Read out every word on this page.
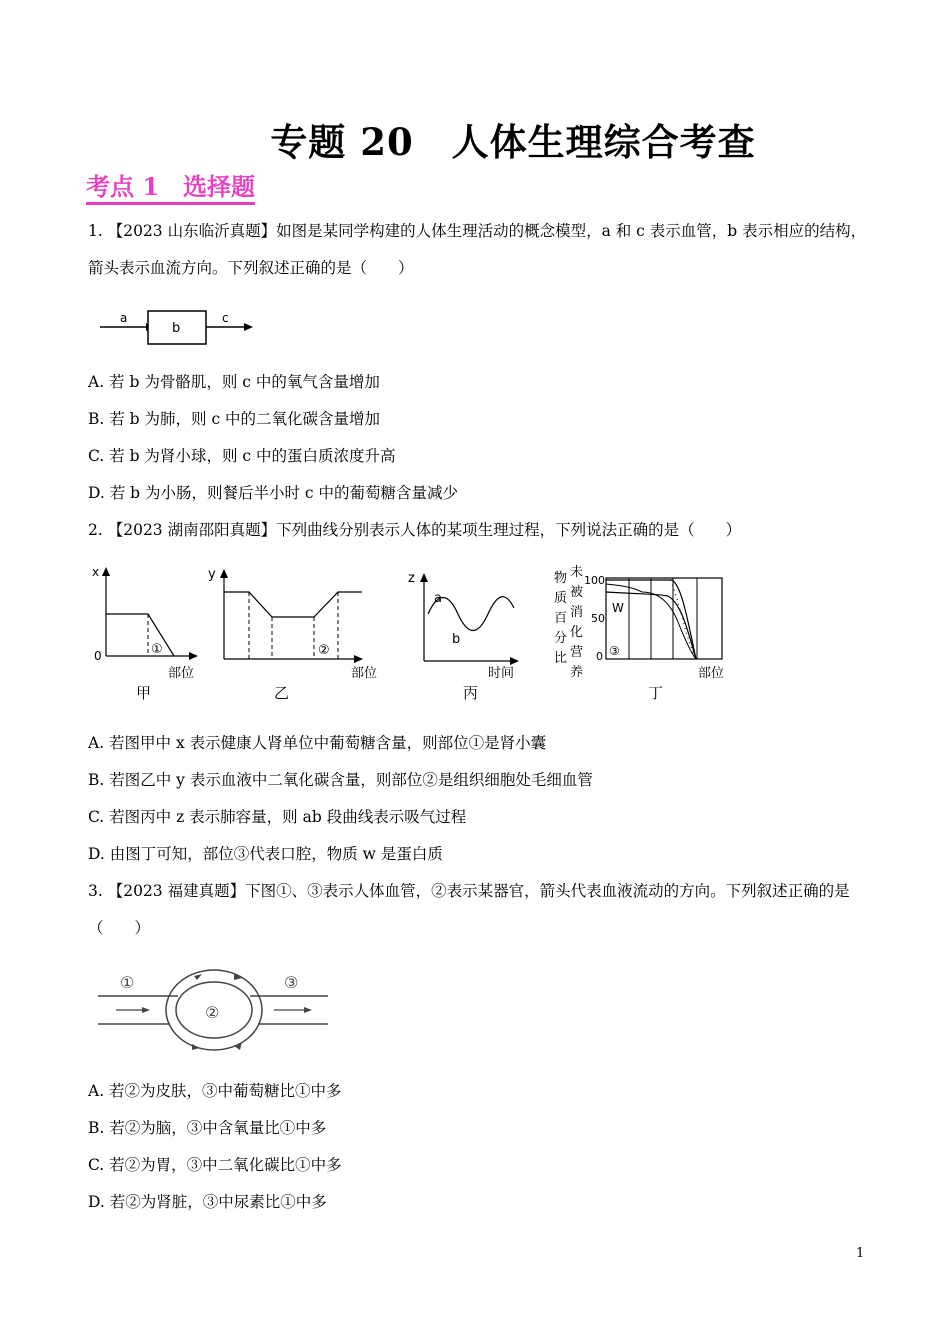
专题 20　人体生理综合考查
考点 1　选择题
1. 【2023 山东临沂真题】如图是某同学构建的人体生理活动的概念模型，a 和 c 表示血管，b 表示相应的结构，箭头表示血流方向。下列叙述正确的是（　　）
a
b
c
A. 若 b 为骨骼肌，则 c 中的氧气含量增加
B. 若 b 为肺，则 c 中的二氧化碳含量增加
C. 若 b 为肾小球，则 c 中的蛋白质浓度升高
D. 若 b 为小肠，则餐后半小时 c 中的葡萄糖含量减少
2. 【2023 湖南邵阳真题】下列曲线分别表示人体的某项生理过程，下列说法正确的是（　　）
x
0	①
部位
甲
y
②
部位
乙
z
a
b
时间
丙
物质百分比
未被消化营养
100
50
0
W
③
部位
丁
A. 若图甲中 x 表示健康人肾单位中葡萄糖含量，则部位①是肾小囊
B. 若图乙中 y 表示血液中二氧化碳含量，则部位②是组织细胞处毛细血管
C. 若图丙中 z 表示肺容量，则 ab 段曲线表示吸气过程
D. 由图丁可知，部位③代表口腔，物质 w 是蛋白质
3. 【2023 福建真题】下图①、③表示人体血管，②表示某器官，箭头代表血液流动的方向。下列叙述正确的是（　　）
①
②
③
A. 若②为皮肤，③中葡萄糖比①中多
B. 若②为脑，③中含氧量比①中多
C. 若②为胃，③中二氧化碳比①中多
D. 若②为肾脏，③中尿素比①中多
1
